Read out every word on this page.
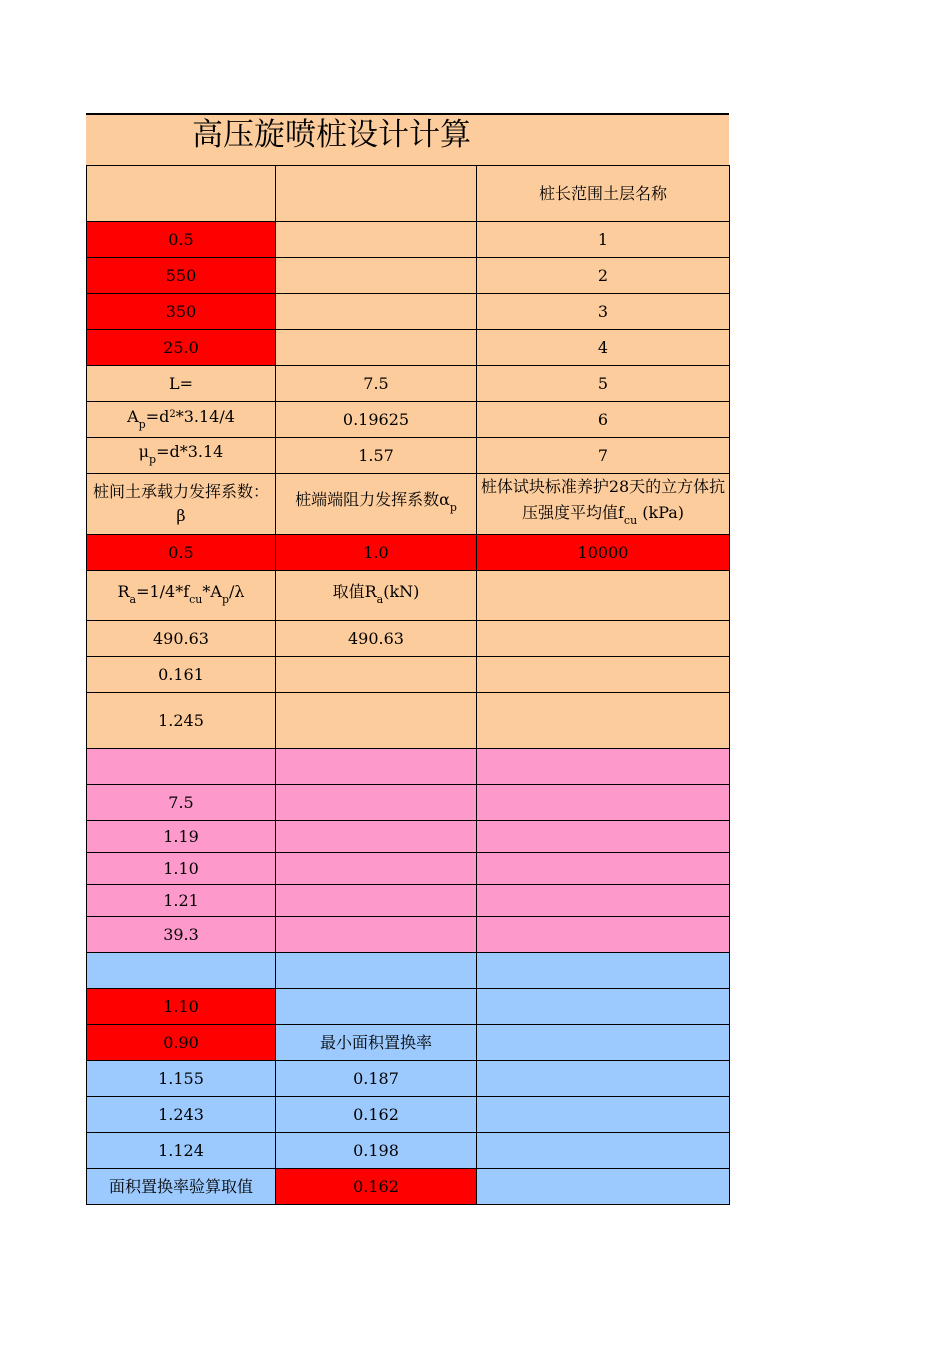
高压旋喷桩设计计算
		桩长范围土层名称
0.5		1
550		2
350		3
25.0		4
L=	7.5	5
$A_p=d^2*3.14/4$	0.19625	6
$\mu_p=d*3.14$	1.57	7
桩间土承载力发挥系数：β	桩端端阻力发挥系数$\alpha_p$	桩体试块标准养护28天的立方体抗压强度平均值$f_{cu}$ (kPa)
0.5	1.0	10000
$R_a=1/4*f_{cu}*A_p/\lambda$	取值$R_a(kN)$	
490.63	490.63	
0.161		
1.245		

7.5		
1.19		
1.10		
1.21		
39.3		

1.10		
0.90	最小面积置换率	
1.155	0.187	
1.243	0.162	
1.124	0.198	
面积置换率验算取值	0.162	
